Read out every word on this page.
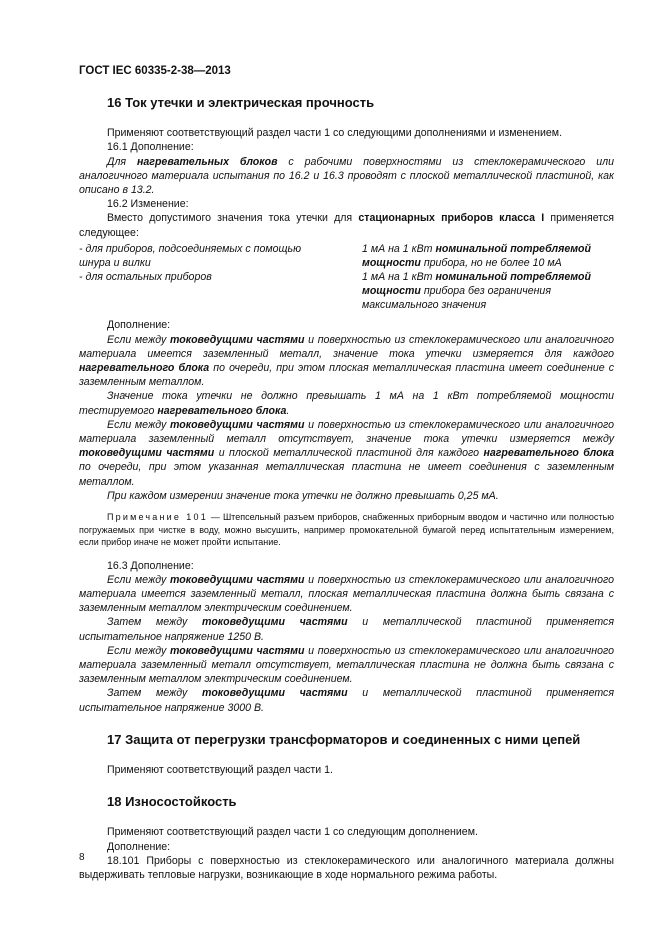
ГОСТ IEC 60335-2-38—2013
16 Ток утечки и электрическая прочность

Применяют соответствующий раздел части 1 со следующими дополнениями и изменением.

16.1 Дополнение:

Для нагревательных блоков с рабочими поверхностями из стеклокерамического или аналогичного материала испытания по 16.2 и 16.3 проводят с плоской металлической пластиной, как описано в 13.2.

16.2 Изменение:

Вместо допустимого значения тока утечки для стационарных приборов класса I применяется следующее:

- для приборов, подсоединяемых с помощью шнура и вилки
- для остальных приборов
1 мА на 1 кВт номинальной потребляемой мощности прибора, но не более 10 мА
1 мА на 1 кВт номинальной потребляемой мощности прибора без ограничения максимального значения

Дополнение:

Если между токоведущими частями и поверхностью из стеклокерамического или аналогичного материала имеется заземленный металл, значение тока утечки измеряется для каждого нагревательного блока по очереди, при этом плоская металлическая пластина имеет соединение с заземленным металлом.

Значение тока утечки не должно превышать 1 мА на 1 кВт потребляемой мощности тестируемого нагревательного блока.

Если между токоведущими частями и поверхностью из стеклокерамического или аналогичного материала заземленный металл отсутствует, значение тока утечки измеряется между токоведущими частями и плоской металлической пластиной для каждого нагревательного блока по очереди, при этом указанная металлическая пластина не имеет соединения с заземленным металлом.

При каждом измерении значение тока утечки не должно превышать 0,25 мА.

Примечание 101 — Штепсельный разъем приборов, снабженных приборным вводом и частично или полностью погружаемых при чистке в воду, можно высушить, например промокательной бумагой перед испытательным измерением, если прибор иначе не может пройти испытание.

16.3 Дополнение:

Если между токоведущими частями и поверхностью из стеклокерамического или аналогичного материала имеется заземленный металл, плоская металлическая пластина должна быть связана с заземленным металлом электрическим соединением.

Затем между токоведущими частями и металлической пластиной применяется испытательное напряжение 1250 В.

Если между токоведущими частями и поверхностью из стеклокерамического или аналогичного материала заземленный металл отсутствует, металлическая пластина не должна быть связана с заземленным металлом электрическим соединением.

Затем между токоведущими частями и металлической пластиной применяется испытательное напряжение 3000 В.

17 Защита от перегрузки трансформаторов и соединенных с ними цепей

Применяют соответствующий раздел части 1.

18 Износостойкость

Применяют соответствующий раздел части 1 со следующим дополнением.

Дополнение:

18.101 Приборы с поверхностью из стеклокерамического или аналогичного материала должны выдерживать тепловые нагрузки, возникающие в ходе нормального режима работы.

8
